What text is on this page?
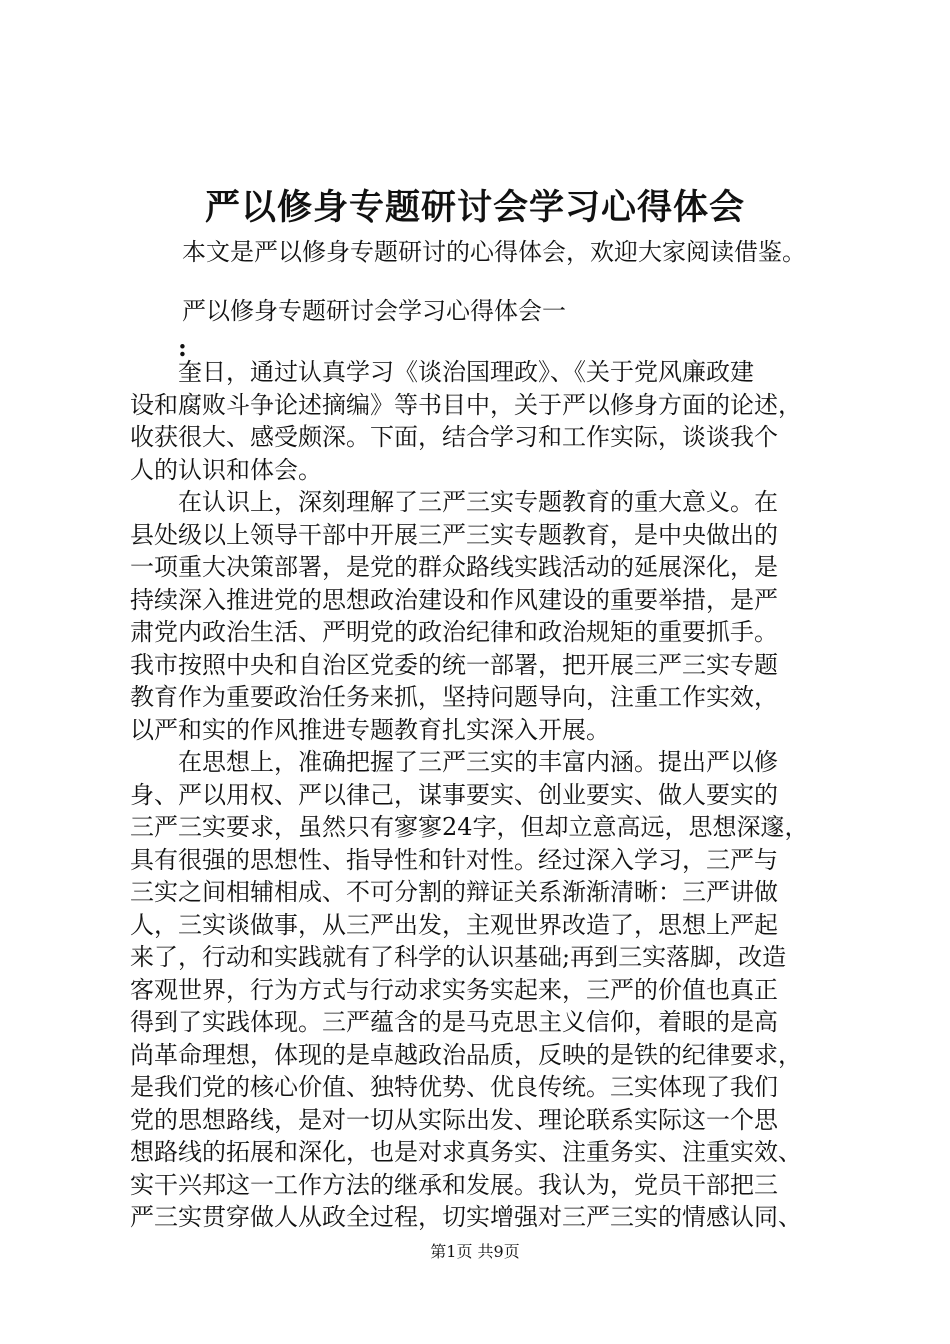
严以修身专题研讨会学习心得体会
本文是严以修身专题研讨的心得体会，欢迎大家阅读借鉴。
严以修身专题研讨会学习心得体会一
:
奎日，通过认真学习《谈治国理政》、《关于党风廉政建
设和腐败斗争论述摘编》等书目中，关于严以修身方面的论述，
收获很大、感受颇深。下面，结合学习和工作实际，谈谈我个
人的认识和体会。
在认识上，深刻理解了三严三实专题教育的重大意义。在
县处级以上领导干部中开展三严三实专题教育，是中央做出的
一项重大决策部署，是党的群众路线实践活动的延展深化，是
持续深入推进党的思想政治建设和作风建设的重要举措，是严
肃党内政治生活、严明党的政治纪律和政治规矩的重要抓手。
我市按照中央和自治区党委的统一部署，把开展三严三实专题
教育作为重要政治任务来抓，坚持问题导向，注重工作实效，
以严和实的作风推进专题教育扎实深入开展。
在思想上，准确把握了三严三实的丰富内涵。提出严以修
身、严以用权、严以律己，谋事要实、创业要实、做人要实的
三严三实要求，虽然只有寥寥24字，但却立意高远，思想深邃，
具有很强的思想性、指导性和针对性。经过深入学习，三严与
三实之间相辅相成、不可分割的辩证关系渐渐清晰：三严讲做
人，三实谈做事，从三严出发，主观世界改造了，思想上严起
来了，行动和实践就有了科学的认识基础;再到三实落脚，改造
客观世界，行为方式与行动求实务实起来，三严的价值也真正
得到了实践体现。三严蕴含的是马克思主义信仰，着眼的是高
尚革命理想，体现的是卓越政治品质，反映的是铁的纪律要求，
是我们党的核心价值、独特优势、优良传统。三实体现了我们
党的思想路线，是对一切从实际出发、理论联系实际这一个思
想路线的拓展和深化，也是对求真务实、注重务实、注重实效、
实干兴邦这一工作方法的继承和发展。我认为，党员干部把三
严三实贯穿做人从政全过程，切实增强对三严三实的情感认同、
第1页 共9页
